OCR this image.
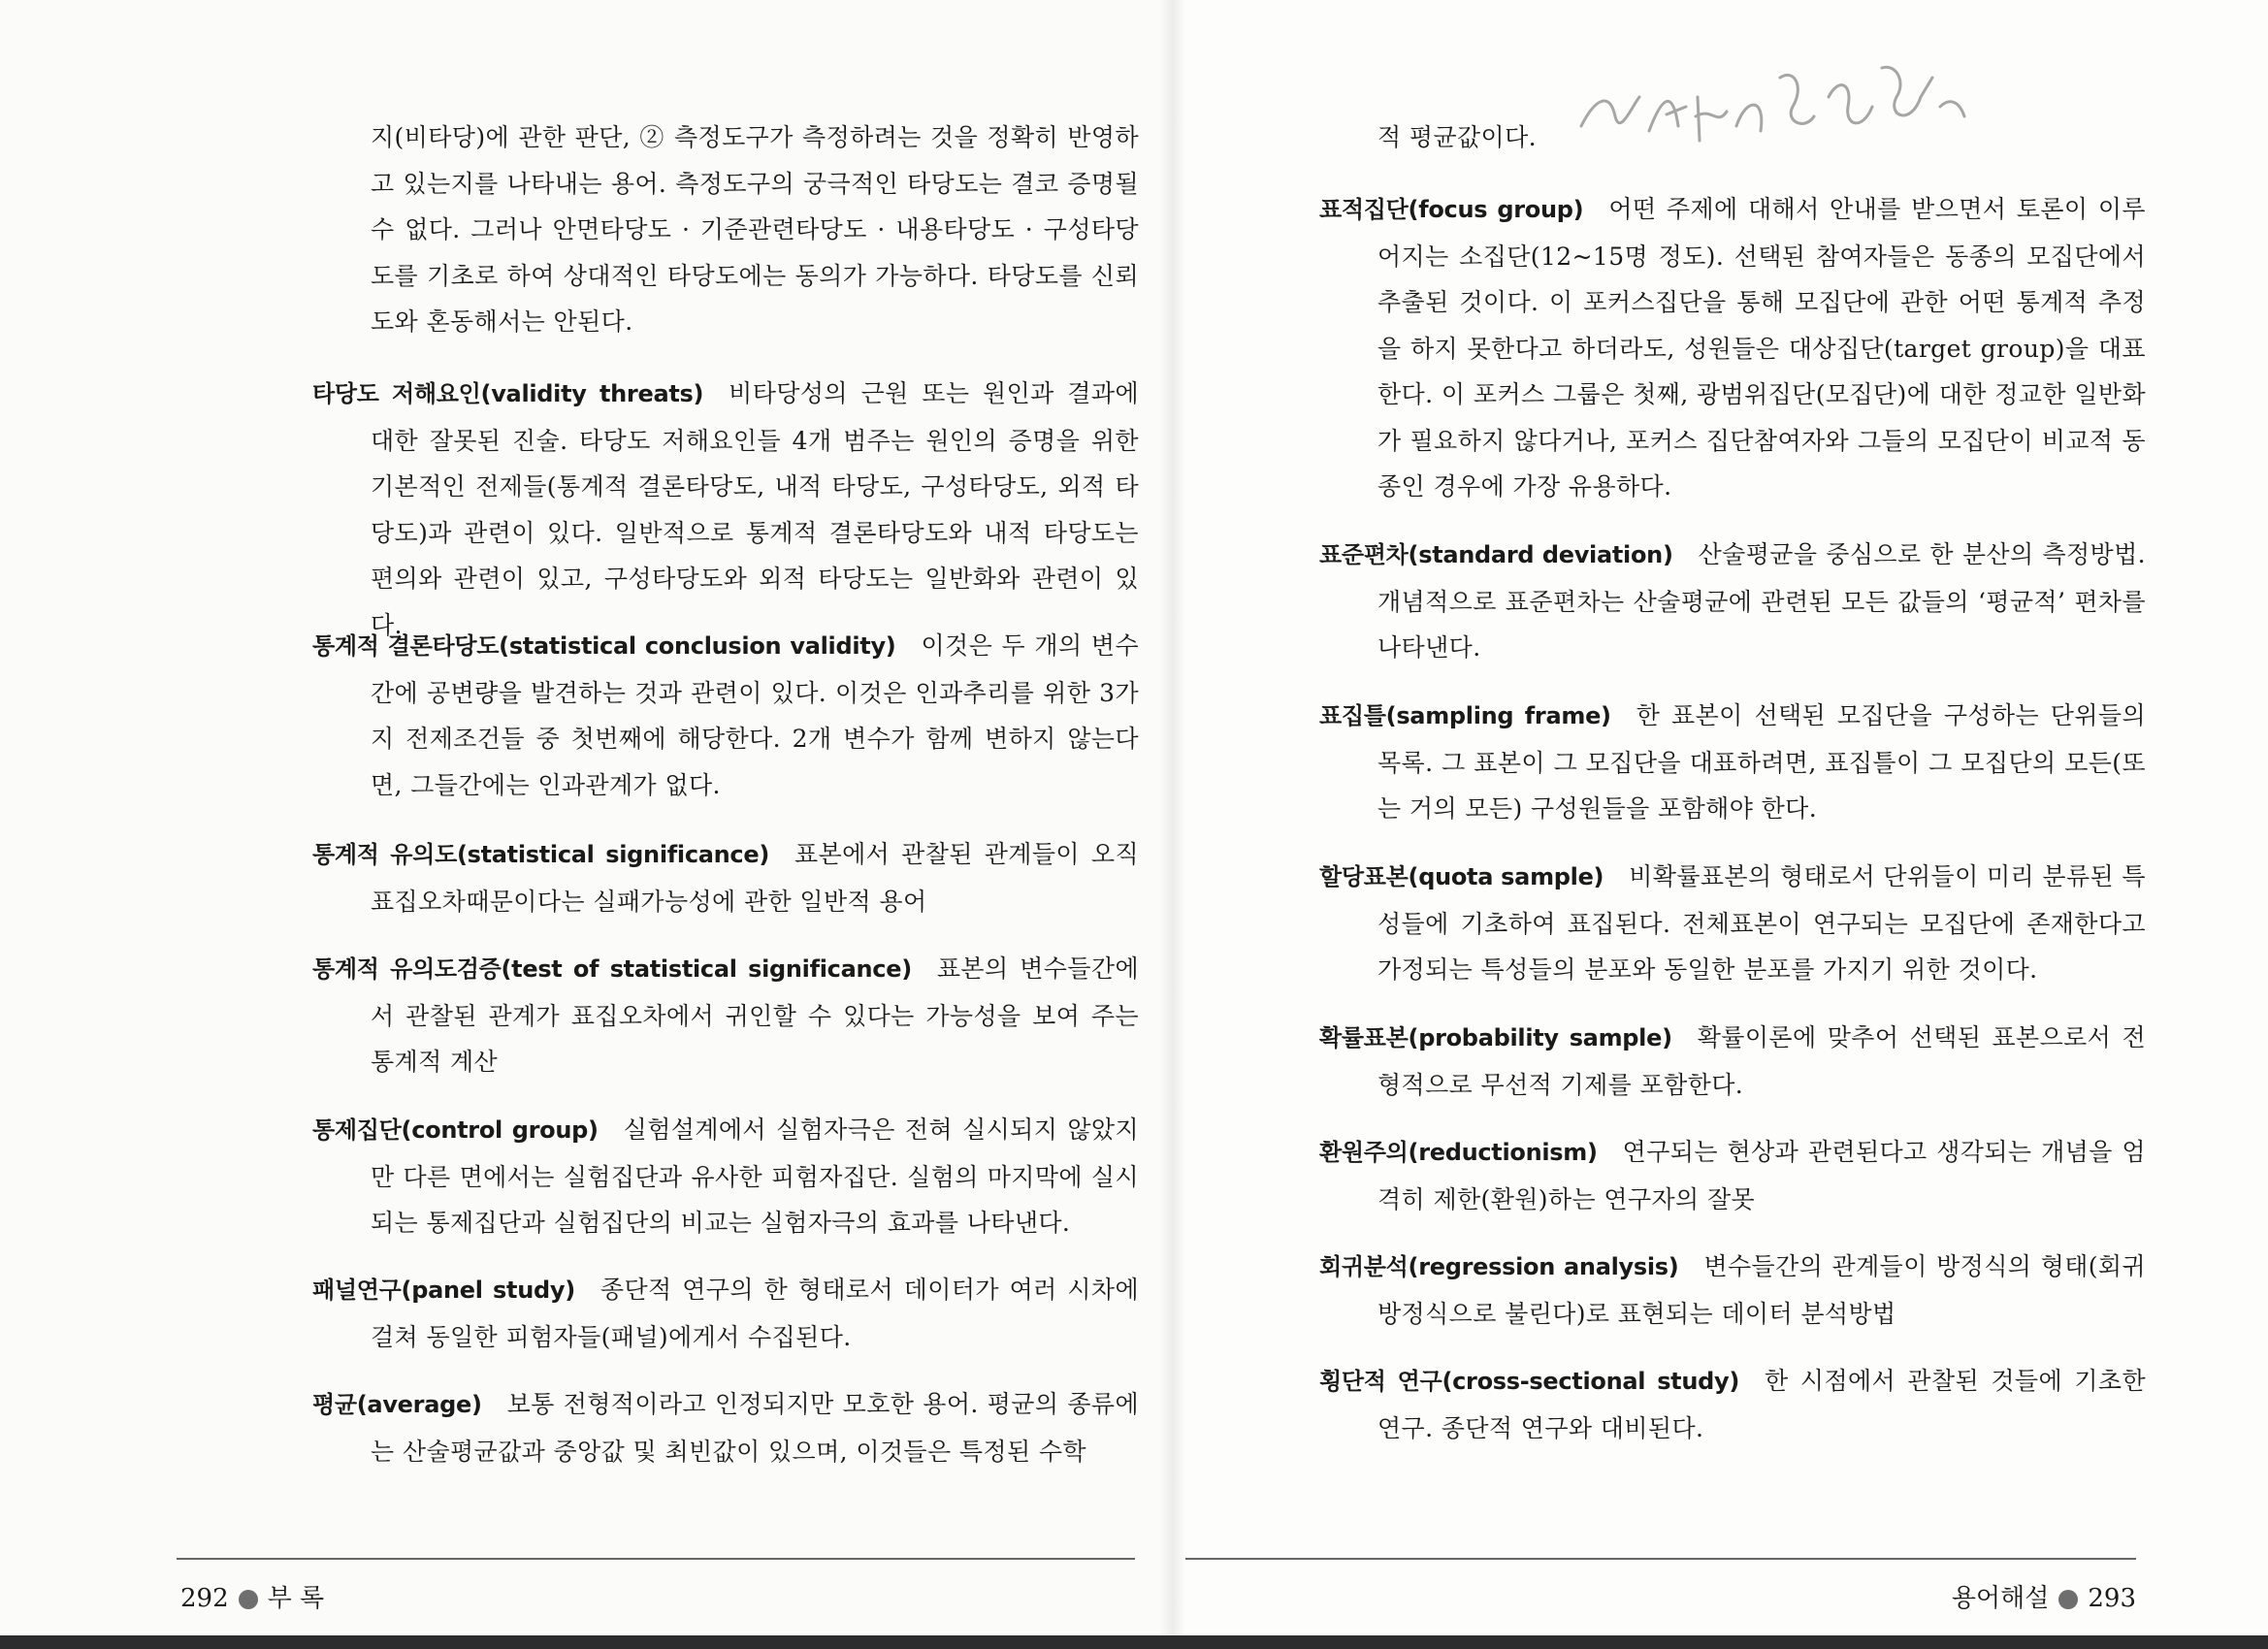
지(비타당)에 관한 판단, ② 측정도구가 측정하려는 것을 정확히 반영하고 있는지를 나타내는 용어. 측정도구의 궁극적인 타당도는 결코 증명될 수 없다. 그러나 안면타당도 · 기준관련타당도 · 내용타당도 · 구성타당도를 기초로 하여 상대적인 타당도에는 동의가 가능하다. 타당도를 신뢰도와 혼동해서는 안된다.

타당도 저해요인(validity threats) 비타당성의 근원 또는 원인과 결과에 대한 잘못된 진술. 타당도 저해요인들 4개 범주는 원인의 증명을 위한 기본적인 전제들(통계적 결론타당도, 내적 타당도, 구성타당도, 외적 타당도)과 관련이 있다. 일반적으로 통계적 결론타당도와 내적 타당도는 편의와 관련이 있고, 구성타당도와 외적 타당도는 일반화와 관련이 있다.

통계적 결론타당도(statistical conclusion validity) 이것은 두 개의 변수간에 공변량을 발견하는 것과 관련이 있다. 이것은 인과추리를 위한 3가지 전제조건들 중 첫번째에 해당한다. 2개 변수가 함께 변하지 않는다면, 그들간에는 인과관계가 없다.

통계적 유의도(statistical significance) 표본에서 관찰된 관계들이 오직 표집오차때문이다는 실패가능성에 관한 일반적 용어

통계적 유의도검증(test of statistical significance) 표본의 변수들간에서 관찰된 관계가 표집오차에서 귀인할 수 있다는 가능성을 보여 주는 통계적 계산

통제집단(control group) 실험설계에서 실험자극은 전혀 실시되지 않았지만 다른 면에서는 실험집단과 유사한 피험자집단. 실험의 마지막에 실시되는 통제집단과 실험집단의 비교는 실험자극의 효과를 나타낸다.

패널연구(panel study) 종단적 연구의 한 형태로서 데이터가 여러 시차에 걸쳐 동일한 피험자들(패널)에게서 수집된다.

평균(average) 보통 전형적이라고 인정되지만 모호한 용어. 평균의 종류에는 산술평균값과 중앙값 및 최빈값이 있으며, 이것들은 특정된 수학

적 평균값이다.

표적집단(focus group) 어떤 주제에 대해서 안내를 받으면서 토론이 이루어지는 소집단(12~15명 정도). 선택된 참여자들은 동종의 모집단에서 추출된 것이다. 이 포커스집단을 통해 모집단에 관한 어떤 통계적 추정을 하지 못한다고 하더라도, 성원들은 대상집단(target group)을 대표한다. 이 포커스 그룹은 첫째, 광범위집단(모집단)에 대한 정교한 일반화가 필요하지 않다거나, 포커스 집단참여자와 그들의 모집단이 비교적 동종인 경우에 가장 유용하다.

표준편차(standard deviation) 산술평균을 중심으로 한 분산의 측정방법. 개념적으로 표준편차는 산술평균에 관련된 모든 값들의 ‘평균적’ 편차를 나타낸다.

표집틀(sampling frame) 한 표본이 선택된 모집단을 구성하는 단위들의 목록. 그 표본이 그 모집단을 대표하려면, 표집틀이 그 모집단의 모든(또는 거의 모든) 구성원들을 포함해야 한다.

할당표본(quota sample) 비확률표본의 형태로서 단위들이 미리 분류된 특성들에 기초하여 표집된다. 전체표본이 연구되는 모집단에 존재한다고 가정되는 특성들의 분포와 동일한 분포를 가지기 위한 것이다.

확률표본(probability sample) 확률이론에 맞추어 선택된 표본으로서 전형적으로 무선적 기제를 포함한다.

환원주의(reductionism) 연구되는 현상과 관련된다고 생각되는 개념을 엄격히 제한(환원)하는 연구자의 잘못

회귀분석(regression analysis) 변수들간의 관계들이 방정식의 형태(회귀방정식으로 불린다)로 표현되는 데이터 분석방법

횡단적 연구(cross-sectional study) 한 시점에서 관찰된 것들에 기초한 연구. 종단적 연구와 대비된다.

292 부 록	용어해설 293
